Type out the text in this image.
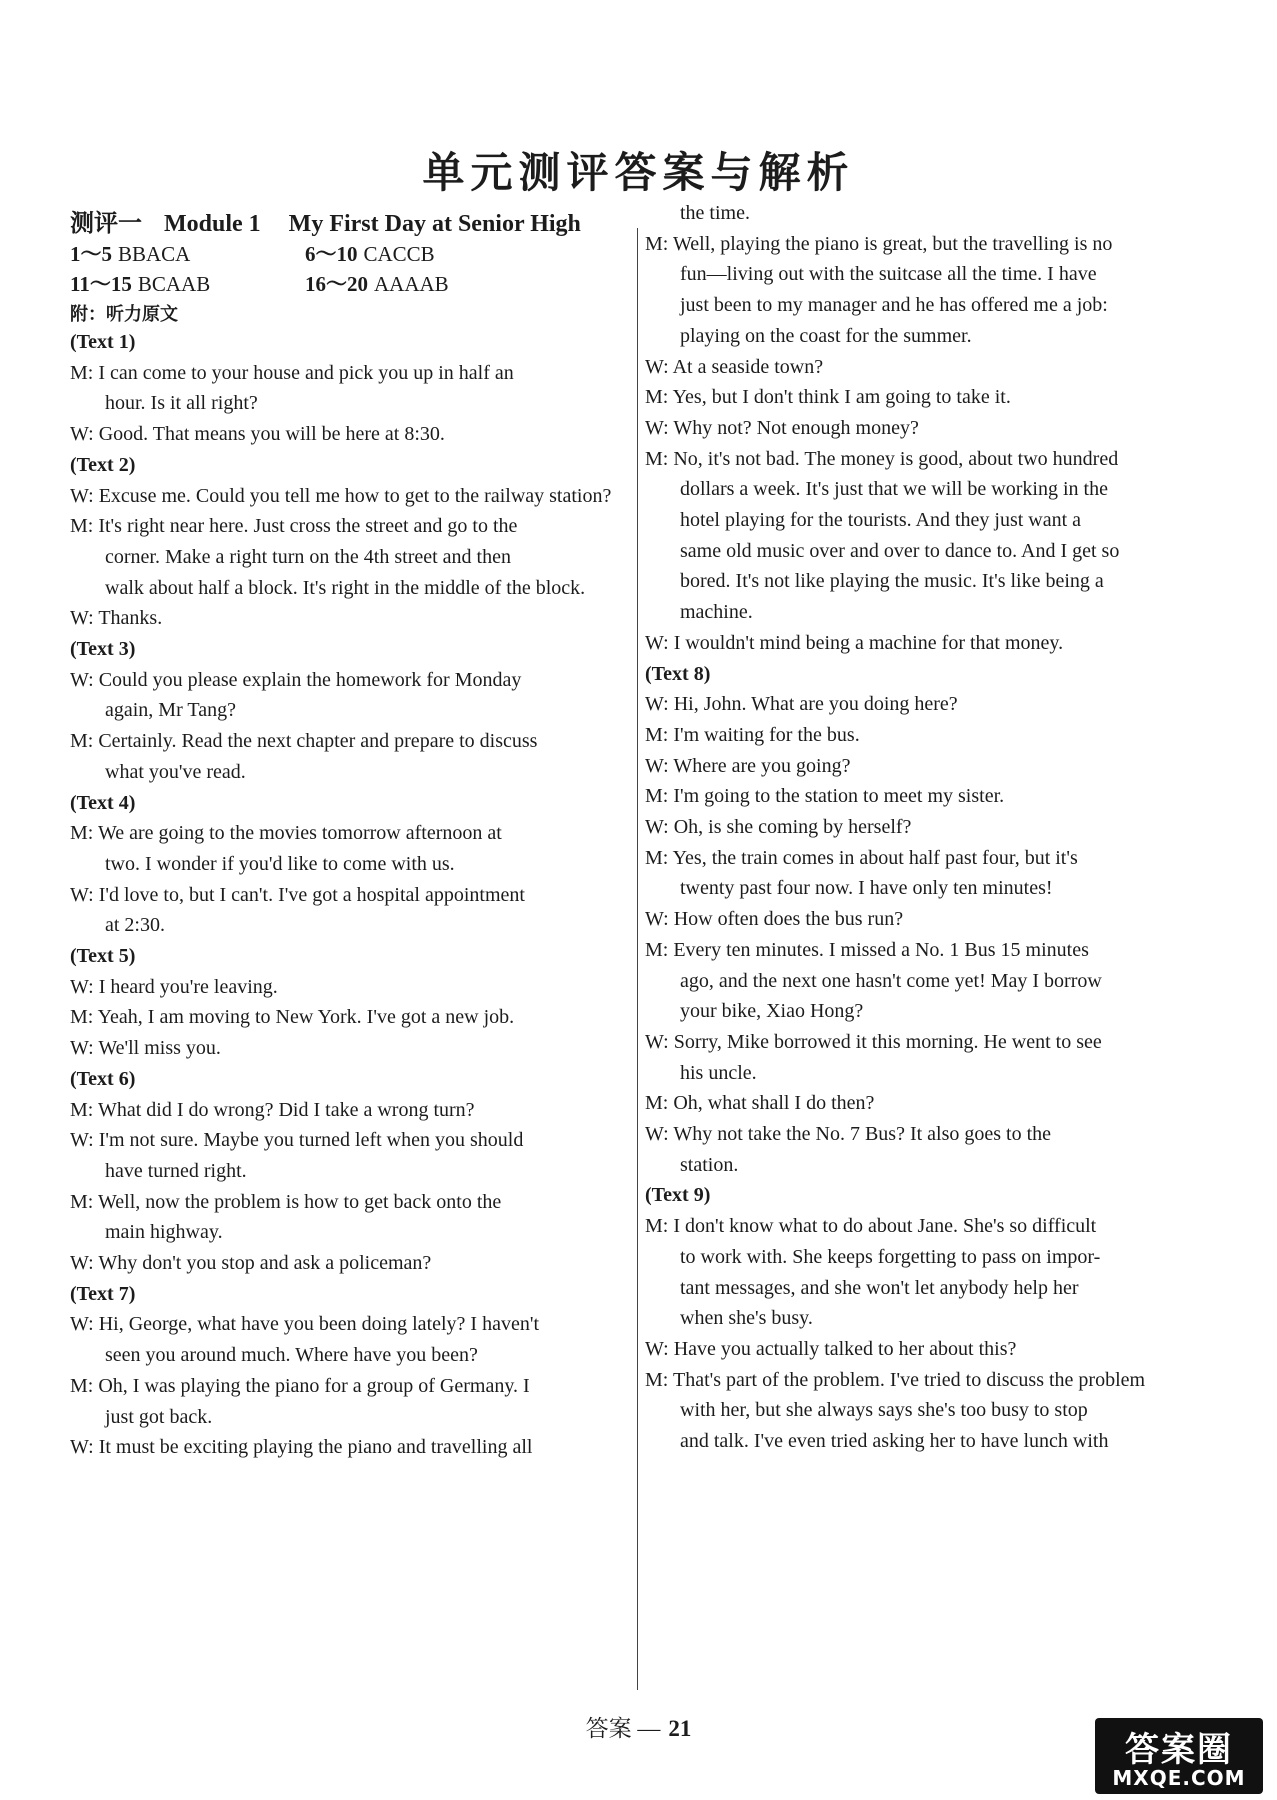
单元测评答案与解析
测评一 Module 1 My First Day at Senior High
1～5 BBACA	6～10 CACCB
11～15 BCAAB	16～20 AAAAB
附：听力原文
(Text 1)
M: I can come to your house and pick you up in half an
hour. Is it all right?
W: Good. That means you will be here at 8:30.
(Text 2)
W: Excuse me. Could you tell me how to get to the railway station?
M: It's right near here. Just cross the street and go to the
corner. Make a right turn on the 4th street and then
walk about half a block. It's right in the middle of the block.
W: Thanks.
(Text 3)
W: Could you please explain the homework for Monday
again, Mr Tang?
M: Certainly. Read the next chapter and prepare to discuss
what you've read.
(Text 4)
M: We are going to the movies tomorrow afternoon at
two. I wonder if you'd like to come with us.
W: I'd love to, but I can't. I've got a hospital appointment
at 2:30.
(Text 5)
W: I heard you're leaving.
M: Yeah, I am moving to New York. I've got a new job.
W: We'll miss you.
(Text 6)
M: What did I do wrong? Did I take a wrong turn?
W: I'm not sure. Maybe you turned left when you should
have turned right.
M: Well, now the problem is how to get back onto the
main highway.
W: Why don't you stop and ask a policeman?
(Text 7)
W: Hi, George, what have you been doing lately? I haven't
seen you around much. Where have you been?
M: Oh, I was playing the piano for a group of Germany. I
just got back.
W: It must be exciting playing the piano and travelling all
the time.
M: Well, playing the piano is great, but the travelling is no
fun—living out with the suitcase all the time. I have
just been to my manager and he has offered me a job:
playing on the coast for the summer.
W: At a seaside town?
M: Yes, but I don't think I am going to take it.
W: Why not? Not enough money?
M: No, it's not bad. The money is good, about two hundred
dollars a week. It's just that we will be working in the
hotel playing for the tourists. And they just want a
same old music over and over to dance to. And I get so
bored. It's not like playing the music. It's like being a
machine.
W: I wouldn't mind being a machine for that money.
(Text 8)
W: Hi, John. What are you doing here?
M: I'm waiting for the bus.
W: Where are you going?
M: I'm going to the station to meet my sister.
W: Oh, is she coming by herself?
M: Yes, the train comes in about half past four, but it's
twenty past four now. I have only ten minutes!
W: How often does the bus run?
M: Every ten minutes. I missed a No. 1 Bus 15 minutes
ago, and the next one hasn't come yet! May I borrow
your bike, Xiao Hong?
W: Sorry, Mike borrowed it this morning. He went to see
his uncle.
M: Oh, what shall I do then?
W: Why not take the No. 7 Bus? It also goes to the
station.
(Text 9)
M: I don't know what to do about Jane. She's so difficult
to work with. She keeps forgetting to pass on impor-
tant messages, and she won't let anybody help her
when she's busy.
W: Have you actually talked to her about this?
M: That's part of the problem. I've tried to discuss the problem
with her, but she always says she's too busy to stop
and talk. I've even tried asking her to have lunch with
答案 — 21
答案圈
MXQE.COM
